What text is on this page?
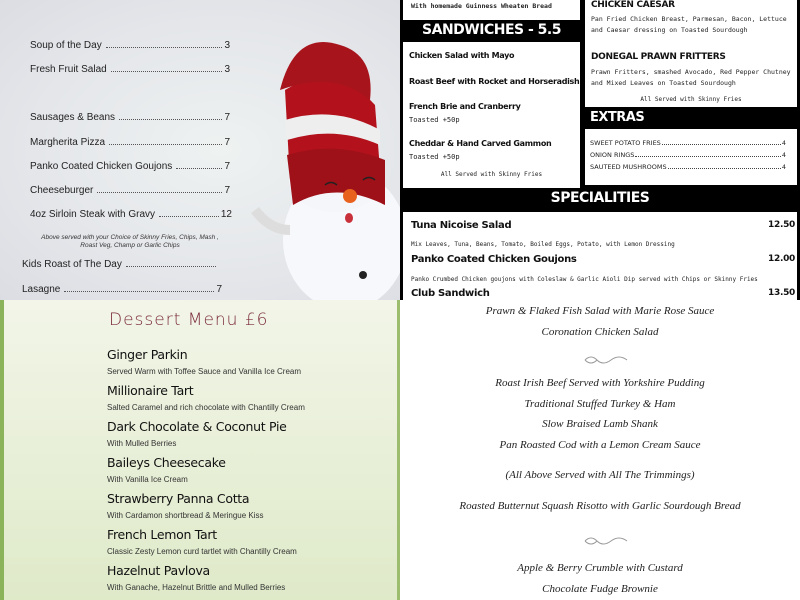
Soup of the Day	3
Fresh Fruit Salad	3
Sausages & Beans	7
Margherita Pizza	7
Panko Coated Chicken Goujons	7
Cheeseburger	7
4oz Sirloin Steak with Gravy	12
Above served with your Choice of Skinny Fries, Chips, Mash , Roast Veg, Champ or Garlic Chips
Kids Roast of The Day
Lasagne	7
With homemade Guinness Wheaten Bread
SANDWICHES - 5.5
Chicken Salad with Mayo
Roast Beef with Rocket and Horseradish
French Brie and Cranberry
Toasted +50p
Cheddar & Hand Carved Gammon
Toasted +50p
All Served with Skinny Fries
CHICKEN CAESAR
Pan Fried Chicken Breast, Parmesan, Bacon, Lettuce and Caesar dressing on Toasted Sourdough
DONEGAL PRAWN FRITTERS
Prawn Fritters, smashed Avocado, Red Pepper Chutney and Mixed Leaves on Toasted Sourdough
All Served with Skinny Fries
EXTRAS
SWEET POTATO FRIES	4
ONION RINGS	4
SAUTEED MUSHROOMS	4
SPECIALITIES
Tuna Nicoise Salad	12.50
Mix Leaves, Tuna, Beans, Tomato, Boiled Eggs, Potato, with Lemon Dressing
Panko Coated Chicken Goujons	12.00
Panko Crumbed Chicken goujons with Coleslaw & Garlic Aioli Dip served with Chips or Skinny Fries
Club Sandwich	13.50
Dessert Menu £6
Ginger Parkin
Served Warm with Toffee Sauce and Vanilla Ice Cream
Millionaire Tart
Salted Caramel and rich chocolate with Chantilly Cream
Dark Chocolate & Coconut Pie
With Mulled Berries
Baileys Cheesecake
With Vanilla Ice Cream
Strawberry Panna Cotta
With Cardamon shortbread & Meringue Kiss
French Lemon Tart
Classic Zesty Lemon curd tartlet with Chantilly Cream
Hazelnut Pavlova
With Ganache, Hazelnut Brittle and Mulled Berries
Prawn & Flaked Fish Salad with Marie Rose Sauce
Coronation Chicken Salad
Roast Irish Beef Served with Yorkshire Pudding
Traditional Stuffed Turkey & Ham
Slow Braised Lamb Shank
Pan Roasted Cod with a Lemon Cream Sauce
(All Above Served with All The Trimmings)
Roasted Butternut Squash Risotto with Garlic Sourdough Bread
Apple & Berry Crumble with Custard
Chocolate Fudge Brownie
